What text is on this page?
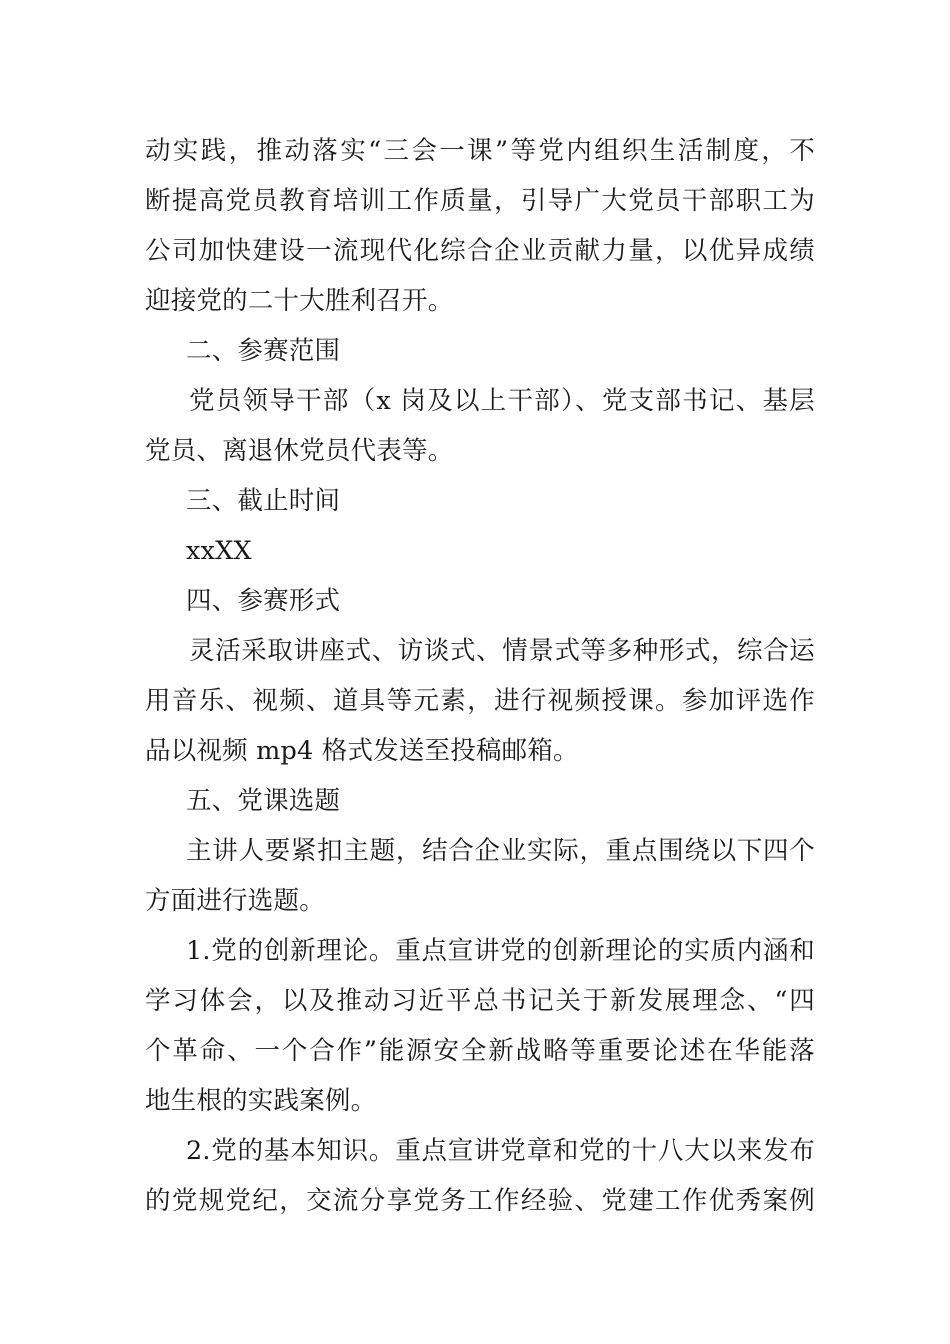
动实践，推动落实“三会一课”等党内组织生活制度，不
断提高党员教育培训工作质量，引导广大党员干部职工为
公司加快建设一流现代化综合企业贡献力量，以优异成绩
迎接党的二十大胜利召开。
二、参赛范围
党员领导干部（x 岗及以上干部）、党支部书记、基层
党员、离退休党员代表等。
三、截止时间
xxXX
四、参赛形式
灵活采取讲座式、访谈式、情景式等多种形式，综合运
用音乐、视频、道具等元素，进行视频授课。参加评选作
品以视频 mp4 格式发送至投稿邮箱。
五、党课选题
主讲人要紧扣主题，结合企业实际，重点围绕以下四个
方面进行选题。
1.党的创新理论。重点宣讲党的创新理论的实质内涵和
学习体会，以及推动习近平总书记关于新发展理念、“四
个革命、一个合作”能源安全新战略等重要论述在华能落
地生根的实践案例。
2.党的基本知识。重点宣讲党章和党的十八大以来发布
的党规党纪，交流分享党务工作经验、党建工作优秀案例
